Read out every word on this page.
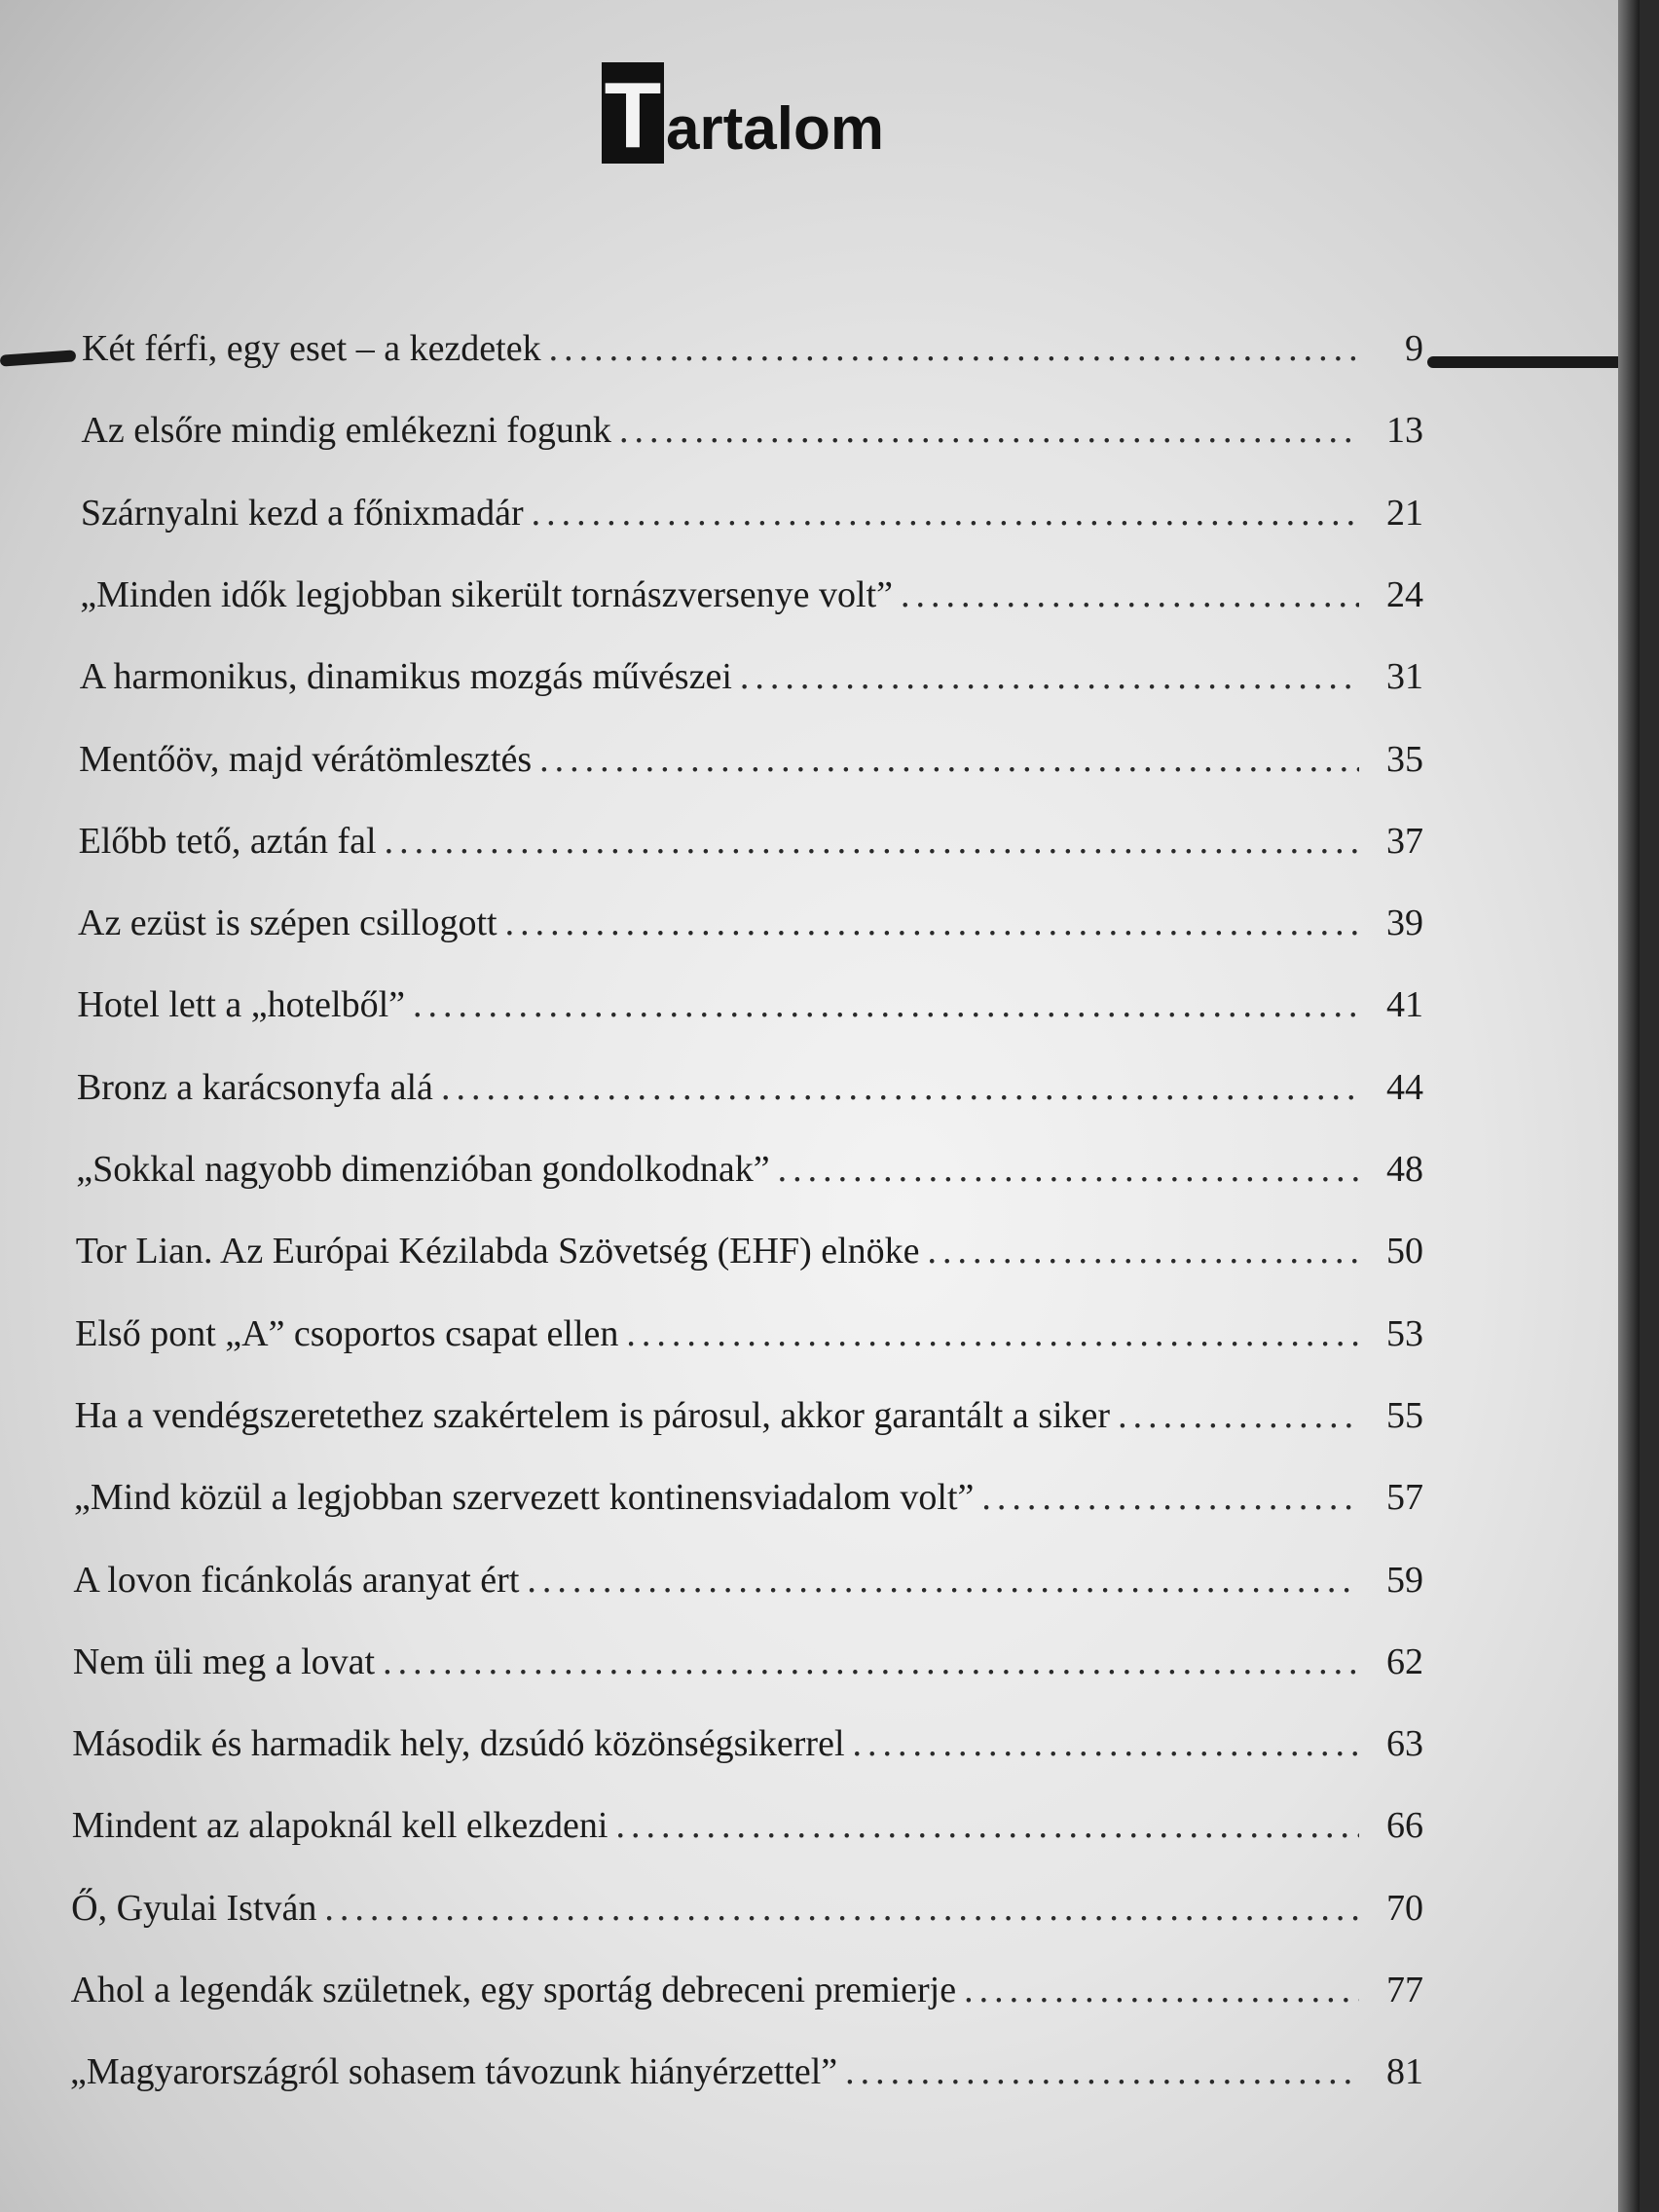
T artalom
Két férfi, egy eset – a kezdetek .....	9
Az elsőre mindig emlékezni fogunk .....	13
Szárnyalni kezd a főnixmadár .....	21
„Minden idők legjobban sikerült tornászversenye volt” .....	24
A harmonikus, dinamikus mozgás művészei .....	31
Mentőöv, majd vérátömlesztés .....	35
Előbb tető, aztán fal .....	37
Az ezüst is szépen csillogott .....	39
Hotel lett a „hotelből” .....	41
Bronz a karácsonyfa alá .....	44
„Sokkal nagyobb dimenzióban gondolkodnak” .....	48
Tor Lian. Az Európai Kézilabda Szövetség (EHF) elnöke .....	50
Első pont „A” csoportos csapat ellen .....	53
Ha a vendégszeretethez szakértelem is párosul, akkor garantált a siker .....	55
„Mind közül a legjobban szervezett kontinensviadalom volt” .....	57
A lovon ficánkolás aranyat ért .....	59
Nem üli meg a lovat .....	62
Második és harmadik hely, dzsúdó közönségsikerrel .....	63
Mindent az alapoknál kell elkezdeni .....	66
Ő, Gyulai István .....	70
Ahol a legendák születnek, egy sportág debreceni premierje .....	77
„Magyarországról sohasem távozunk hiányérzettel” .....	81
